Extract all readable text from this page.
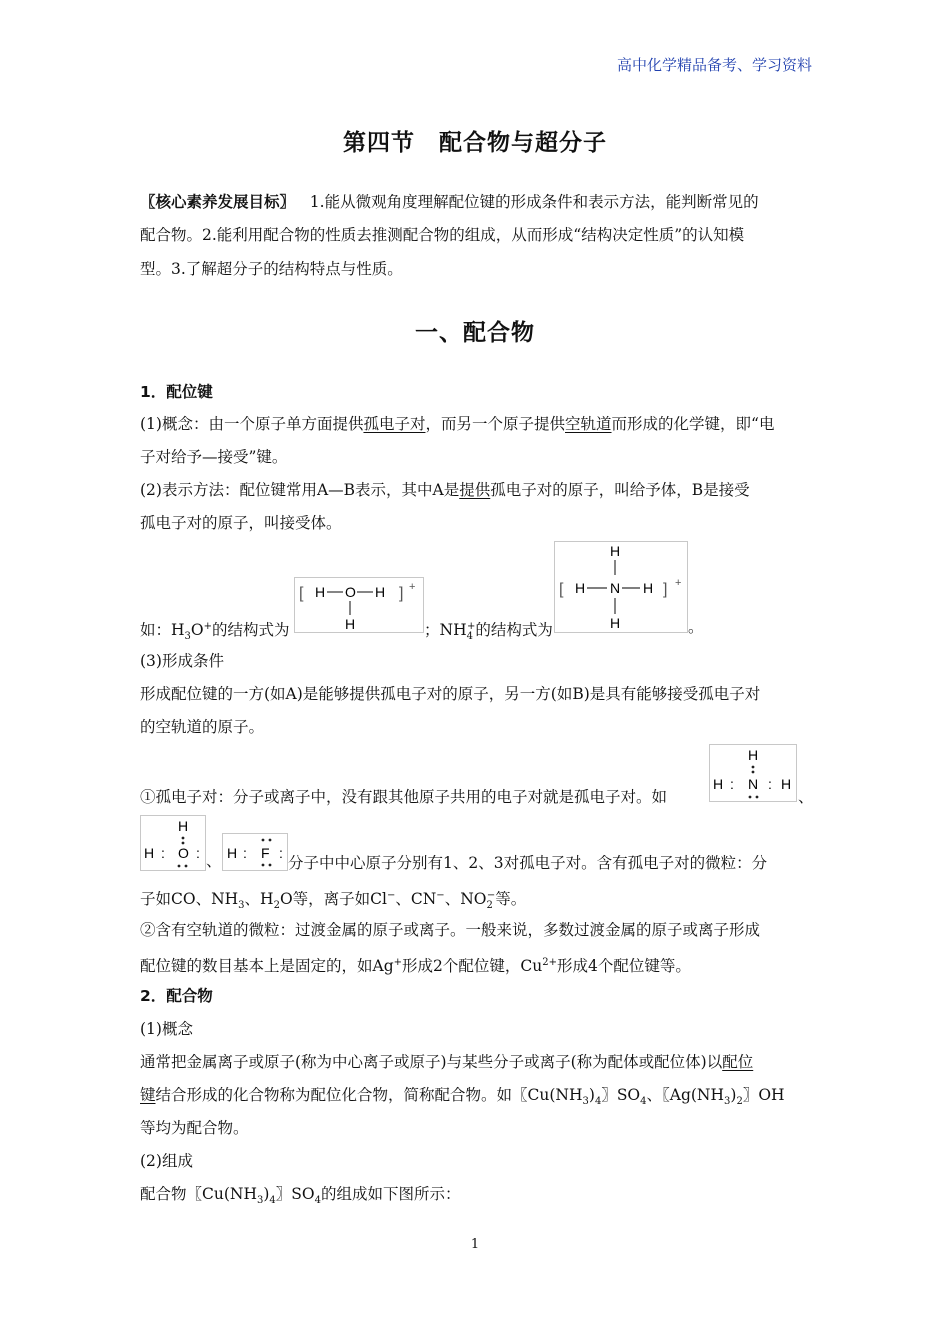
高中化学精品备考、学习资料
第四节　配合物与超分子
〖核心素养发展目标〗 1.能从微观角度理解配位键的形成条件和表示方法，能判断常见的
配合物。2.能利用配合物的性质去推测配合物的组成，从而形成“结构决定性质”的认知模
型。3.了解超分子的结构特点与性质。
一、配合物
1．配位键
(1)概念：由一个原子单方面提供孤电子对，而另一个原子提供空轨道而形成的化学键，即“电
子对给予—接受”键。
(2)表示方法：配位键常用A—B表示，其中A是提供孤电子对的原子，叫给予体，B是接受
孤电子对的原子，叫接受体。
如：$H_3O^+$的结构式为
[ H O H
H
] +
；$NH_4^+$的结构式为
H
[ H N H
H
] +
。
(3)形成条件
形成配位键的一方(如A)是能够提供孤电子对的原子，另一方(如B)是具有能够接受孤电子对
的空轨道的原子。
①孤电子对：分子或离子中，没有跟其他原子共用的电子对就是孤电子对。如
H
H : N : H
、
H
H : O : 、 H : F :
分子中中心原子分别有1、2、3对孤电子对。含有孤电子对的微粒：分
子如CO、$NH_3$、$H_2O$等，离子如Cl−、CN−、$NO_2^-$等。
②含有空轨道的微粒：过渡金属的原子或离子。一般来说，多数过渡金属的原子或离子形成
配位键的数目基本上是固定的，如Ag+形成2个配位键，$Cu^{2+}$形成4个配位键等。
2．配合物
(1)概念
通常把金属离子或原子(称为中心离子或原子)与某些分子或离子(称为配体或配位体)以配位
键结合形成的化合物称为配位化合物，简称配合物。如〖$Cu(NH_3)_4$〗$SO_4$、〖$Ag(NH_3)_2$〗OH
等均为配合物。
(2)组成
配合物〖$Cu(NH_3)_4$〗$SO_4$的组成如下图所示：
1
